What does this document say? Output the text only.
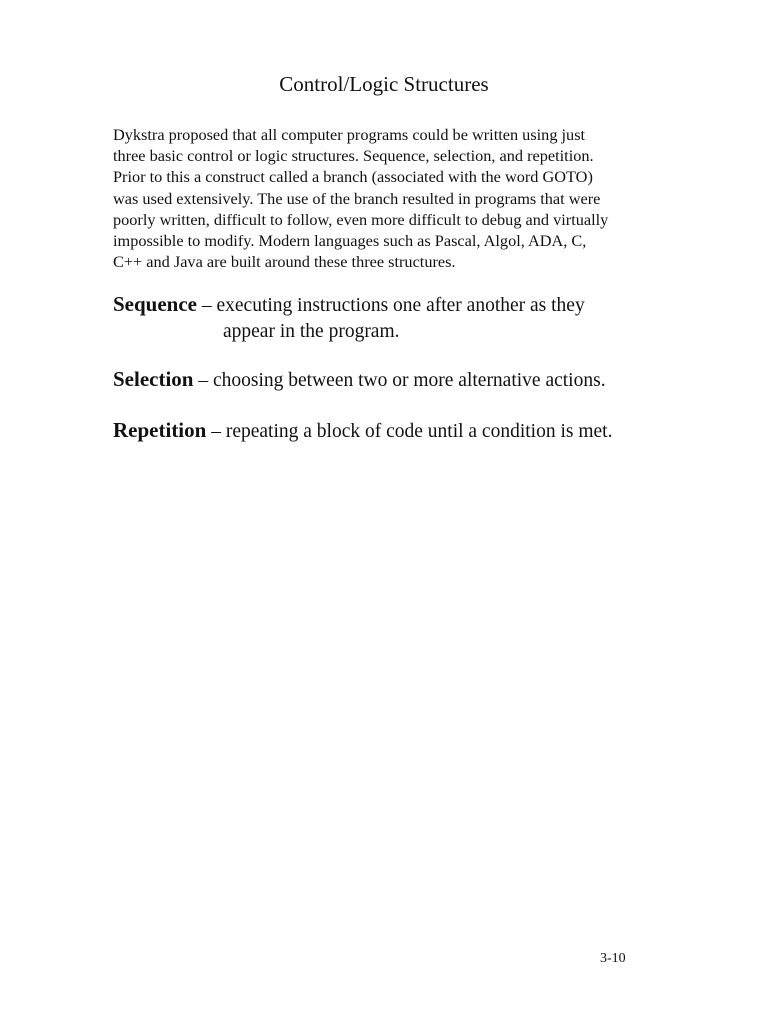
Control/Logic Structures
Dykstra proposed that all computer programs could be written using just
three basic control or logic structures. Sequence, selection, and repetition.
Prior to this a construct called a branch (associated with the word GOTO)
was used extensively. The use of the branch resulted in programs that were
poorly written, difficult to follow, even more difficult to debug and virtually
impossible to modify. Modern languages such as Pascal, Algol, ADA, C,
C++ and Java are built around these three structures.
Sequence – executing instructions one after another as they
appear in the program.
Selection – choosing between two or more alternative actions.
Repetition – repeating a block of code until a condition is met.
3-10
